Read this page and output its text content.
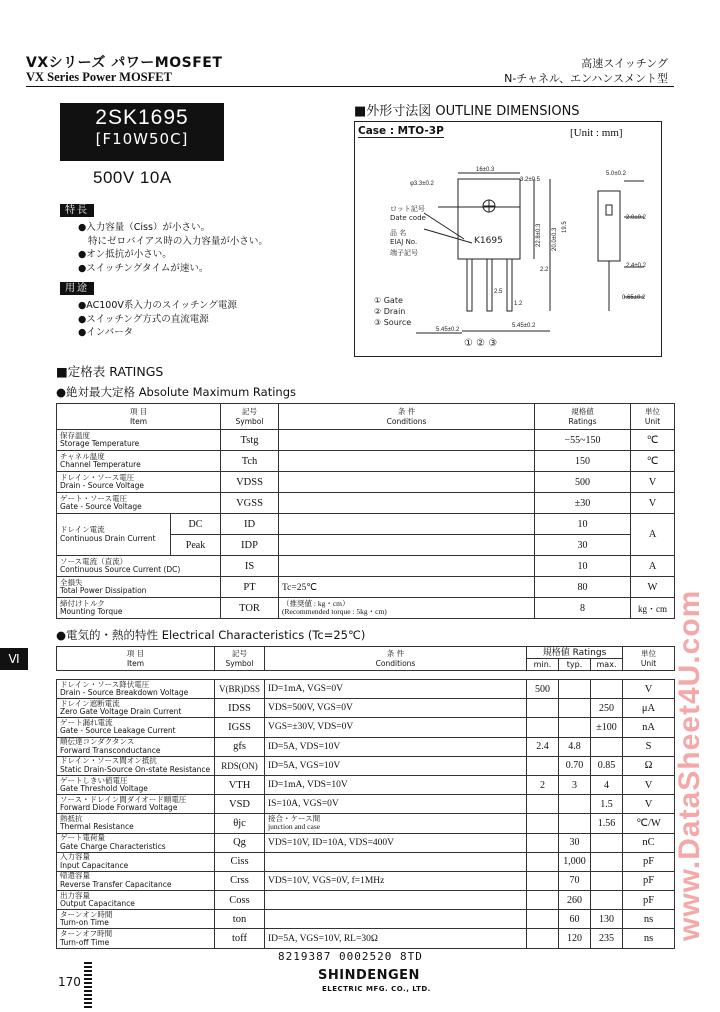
VXシリーズ パワーMOSFET
VX Series Power MOSFET
高速スイッチング
N-チャネル、エンハンスメント型
2SK1695
[F10W50C]
500V 10A
特長
●入力容量（Ciss）が小さい。
特にゼロバイアス時の入力容量が小さい。
●オン抵抗が小さい。
●スイッチングタイムが速い。
用途
●AC100V系入力のスイッチング電源
●スイッチング方式の直流電源
●インバータ
■外形寸法図 OUTLINE DIMENSIONS
Case : MTO-3P	[Unit : mm]
φ3.3±0.2
16±0.3
3.2±0.5
5.0±0.2
2.0±0.2
2.4±0.2
0.65±0.2
5.45±0.2
5.45±0.2
19.5
22.8±0.3 20.0±0.3
2.2
2.5
1.2
ロット記号
Date code
品 名
EIAJ No.
端子記号
K1695
① Gate
② Drain
③ Source
① ② ③
■定格表 RATINGS
●絶対最大定格 Absolute Maximum Ratings
項 目
Item		記号
Symbol	条 件
Conditions	規格値
Ratings	単位
Unit

保存温度
Storage Temperature		Tstg		−55~150	℃

チャネル温度
Channel Temperature		Tch		150	℃

ドレイン・ソース電圧
Drain - Source Voltage		VDSS		500	V

ゲート・ソース電圧
Gate - Source Voltage		VGSS		±30	V

ドレイン電流
Continuous Drain Current	DC	ID		10	A
	Peak	IDP		30	

ソース電流（直流）
Continuous Source Current (DC)		IS		10	A

全損失
Total Power Dissipation		PT	Tc=25℃	80	W

締付けトルク
Mounting Torque		TOR	（推奨値 : kg・cm）
(Recommended torque : 5kg・cm)	8	kg・cm
Ⅵ
●電気的・熱的特性 Electrical Characteristics (Tc=25℃)
項 目
Item	記号
Symbol	条 件
Conditions	規格値 Ratings			単位
Unit

			min.	typ.	max.	
ドレイン・ソース降伏電圧
Drain - Source Breakdown Voltage	V(BR)DSS	ID=1mA, VGS=0V	500			V

ドレイン遮断電流
Zero Gate Voltage Drain Current	IDSS	VDS=500V, VGS=0V			250	μA

ゲート漏れ電流
Gate - Source Leakage Current	IGSS	VGS=±30V, VDS=0V			±100	nA

順伝達コンダクタンス
Forward Transconductance	gfs	ID=5A, VDS=10V	2.4	4.8		S

ドレイン・ソース間オン抵抗
Static Drain-Source On-state Resistance	RDS(ON)	ID=5A, VGS=10V		0.70	0.85	Ω

ゲートしきい値電圧
Gate Threshold Voltage	VTH	ID=1mA, VDS=10V	2	3	4	V

ソース・ドレイン間ダイオード順電圧
Forward Diode Forward Voltage	VSD	IS=10A, VGS=0V			1.5	V

熱抵抗
Thermal Resistance	θjc	接合・ケース間
junction and case			1.56	℃/W

ゲート電荷量
Gate Charge Characteristics	Qg	VDS=10V, ID=10A, VDS=400V		30		nC

入力容量
Input Capacitance	Ciss			1,000		pF

帰還容量
Reverse Transfer Capacitance	Crss	VDS=10V, VGS=0V, f=1MHz		70		pF

出力容量
Output Capacitance	Coss			260		pF

ターンオン時間
Turn-on Time	ton			60	130	ns

ターンオフ時間
Turn-off Time	toff	ID=5A, VGS=10V, RL=30Ω		120	235	ns www.DataSheet4U.com
170
8219387 0002520 8TD
SHINDENGEN
ELECTRIC MFG. CO., LTD.
